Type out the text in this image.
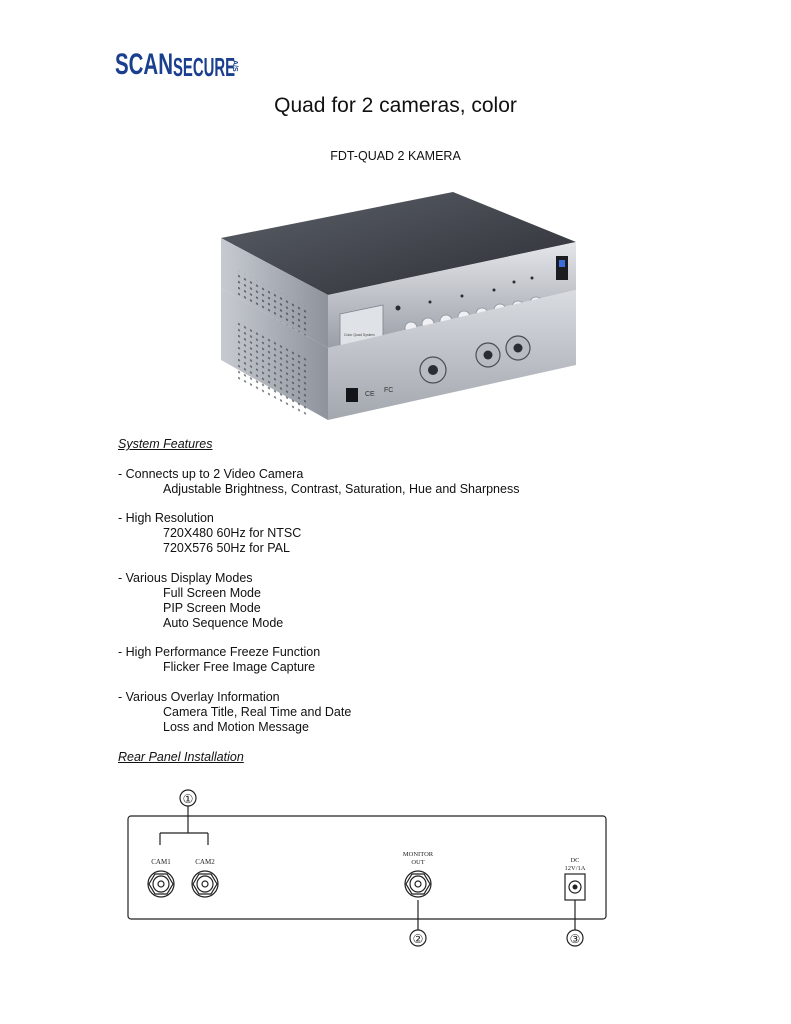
SCAN SECURE
A/S
Quad for 2 cameras, color
FDT-QUAD 2 KAMERA
CE
FC
Color Quad System
System Features
- Connects up to 2 Video Camera
Adjustable Brightness, Contrast, Saturation, Hue and Sharpness
- High Resolution
720X480 60Hz for NTSC
720X576 50Hz for PAL
- Various Display Modes
Full Screen Mode
PIP Screen Mode
Auto Sequence Mode
- High Performance Freeze Function
Flicker Free Image Capture
- Various Overlay Information
Camera Title, Real Time and Date
Loss and Motion Message
Rear Panel Installation
CAM1	CAM2
MONITOR
OUT	DC
12V/1A
①
②	③
